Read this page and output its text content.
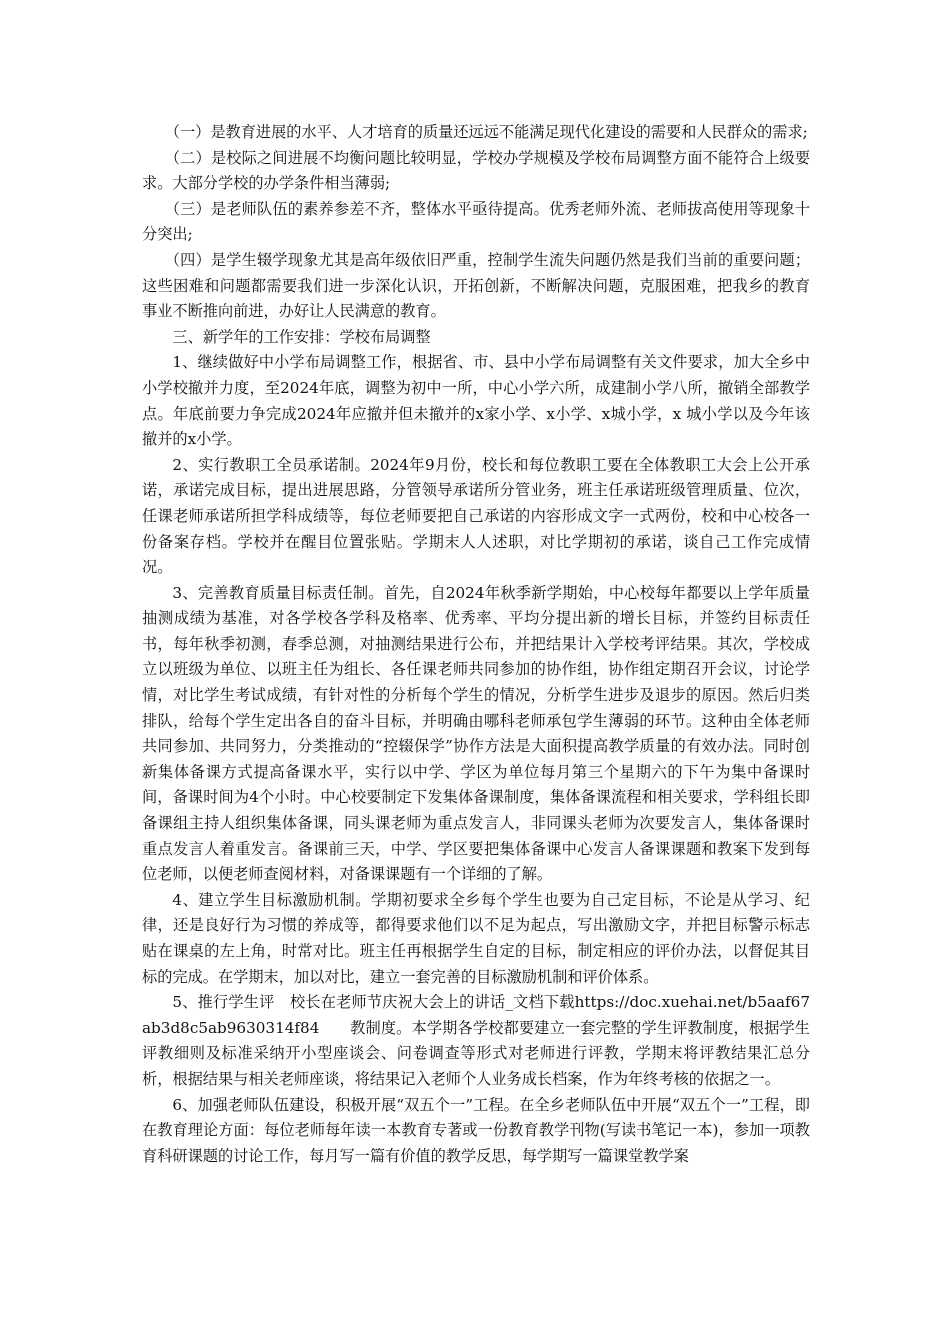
（一）是教育进展的水平、人才培育的质量还远远不能满足现代化建设的需要和人民群众的需求;

（二）是校际之间进展不均衡问题比较明显，学校办学规模及学校布局调整方面不能符合上级要求。大部分学校的办学条件相当薄弱;

（三）是老师队伍的素养参差不齐，整体水平亟待提高。优秀老师外流、老师拔高使用等现象十分突出;

（四）是学生辍学现象尤其是高年级依旧严重，控制学生流失问题仍然是我们当前的重要问题；这些困难和问题都需要我们进一步深化认识，开拓创新，不断解决问题，克服困难，把我乡的教育事业不断推向前进，办好让人民满意的教育。

三、新学年的工作安排：学校布局调整

1、继续做好中小学布局调整工作，根据省、市、县中小学布局调整有关文件要求，加大全乡中小学校撤并力度，至2024年底，调整为初中一所，中心小学六所，成建制小学八所，撤销全部教学点。年底前要力争完成2024年应撤并但未撤并的x家小学、x小学、x城小学，x 城小学以及今年该撤并的x小学。

2、实行教职工全员承诺制。2024年9月份，校长和每位教职工要在全体教职工大会上公开承诺，承诺完成目标，提出进展思路，分管领导承诺所分管业务，班主任承诺班级管理质量、位次，任课老师承诺所担学科成绩等，每位老师要把自己承诺的内容形成文字一式两份，校和中心校各一份备案存档。学校并在醒目位置张贴。学期末人人述职，对比学期初的承诺，谈自己工作完成情况。

3、完善教育质量目标责任制。首先，自2024年秋季新学期始，中心校每年都要以上学年质量抽测成绩为基准，对各学校各学科及格率、优秀率、平均分提出新的增长目标，并签约目标责任书，每年秋季初测，春季总测，对抽测结果进行公布，并把结果计入学校考评结果。其次，学校成立以班级为单位、以班主任为组长、各任课老师共同参加的协作组，协作组定期召开会议，讨论学情，对比学生考试成绩，有针对性的分析每个学生的情况，分析学生进步及退步的原因。然后归类排队，给每个学生定出各自的奋斗目标，并明确由哪科老师承包学生薄弱的环节。这种由全体老师共同参加、共同努力，分类推动的“控辍保学”协作方法是大面积提高教学质量的有效办法。同时创新集体备课方式提高备课水平，实行以中学、学区为单位每月第三个星期六的下午为集中备课时间，备课时间为4个小时。中心校要制定下发集体备课制度，集体备课流程和相关要求，学科组长即备课组主持人组织集体备课，同头课老师为重点发言人，非同课头老师为次要发言人，集体备课时重点发言人着重发言。备课前三天，中学、学区要把集体备课中心发言人备课课题和教案下发到每位老师，以便老师查阅材料，对备课课题有一个详细的了解。

4、建立学生目标激励机制。学期初要求全乡每个学生也要为自己定目标，不论是从学习、纪律，还是良好行为习惯的养成等，都得要求他们以不足为起点，写出激励文字，并把目标警示标志贴在课桌的左上角，时常对比。班主任再根据学生自定的目标，制定相应的评价办法，以督促其目标的完成。在学期末，加以对比，建立一套完善的目标激励机制和评价体系。

5、推行学生评　校长在老师节庆祝大会上的讲话_文档下载https://doc.xuehai.net/b5aaf67ab3d8c5ab9630314f84　　教制度。本学期各学校都要建立一套完整的学生评教制度，根据学生评教细则及标准采纳开小型座谈会、问卷调查等形式对老师进行评教，学期末将评教结果汇总分析，根据结果与相关老师座谈，将结果记入老师个人业务成长档案，作为年终考核的依据之一。

6、加强老师队伍建设，积极开展“双五个一”工程。在全乡老师队伍中开展“双五个一”工程，即在教育理论方面：每位老师每年读一本教育专著或一份教育教学刊物(写读书笔记一本)，参加一项教育科研课题的讨论工作，每月写一篇有价值的教学反思，每学期写一篇课堂教学案
